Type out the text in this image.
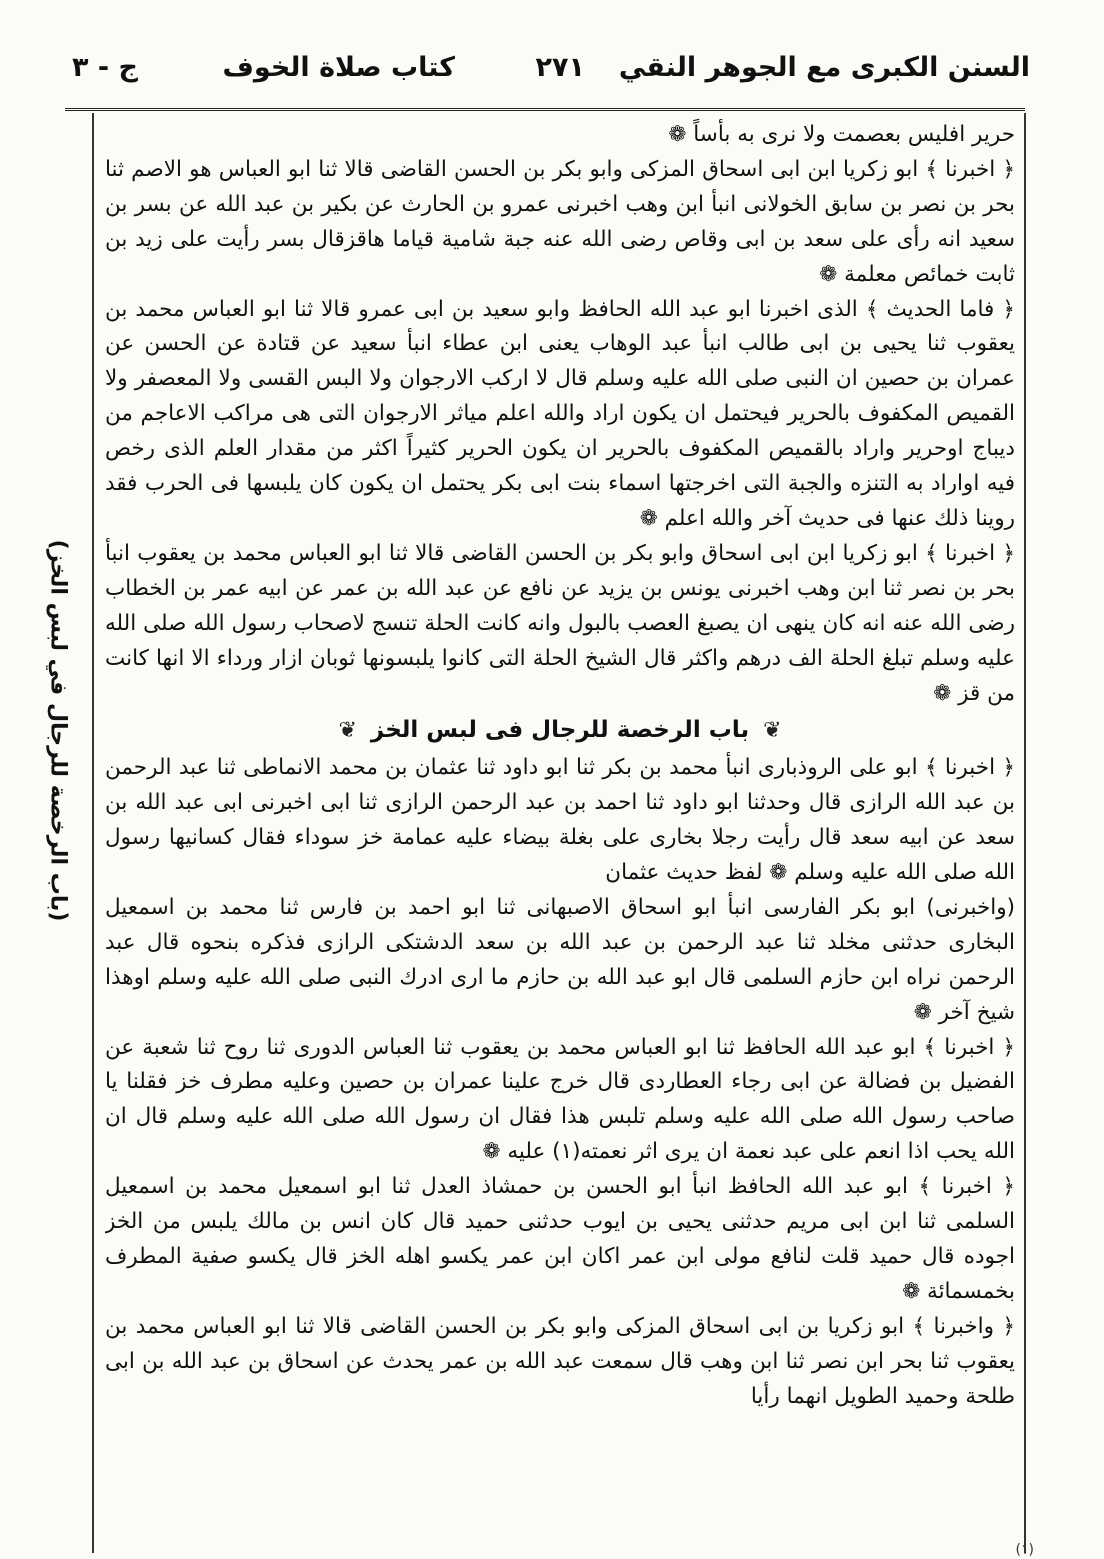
السنن الكبرى مع الجوهر النقي
٢٧١
كتاب صلاة الخوف
ج - ٣
(باب الرخصة للرجال في لبس الخز)

حرير افليس بعصمت ولا نرى به بأساً ❁

﴿ اخبرنا ﴾ ابو زكريا ابن ابى اسحاق المزكى وابو بكر بن الحسن القاضى قالا ثنا ابو العباس هو الاصم ثنا بحر بن نصر بن سابق الخولانى انبأ ابن وهب اخبرنى عمرو بن الحارث عن بكير بن عبد الله عن بسر بن سعيد انه رأى على سعد بن ابى وقاص رضى الله عنه جبة شامية قياما هاقزقال بسر رأيت على زيد بن ثابت خمائص معلمة ❁

﴿ فاما الحديث ﴾ الذى اخبرنا ابو عبد الله الحافظ وابو سعيد بن ابى عمرو قالا ثنا ابو العباس محمد بن يعقوب ثنا يحيى بن ابى طالب انبأ عبد الوهاب يعنى ابن عطاء انبأ سعيد عن قتادة عن الحسن عن عمران بن حصين ان النبى صلى الله عليه وسلم قال لا اركب الارجوان ولا البس القسى ولا المعصفر ولا القميص المكفوف بالحرير فيحتمل ان يكون اراد والله اعلم مياثر الارجوان التى هى مراكب الاعاجم من ديباج اوحرير واراد بالقميص المكفوف بالحرير ان يكون الحرير كثيراً اكثر من مقدار العلم الذى رخص فيه اواراد به التنزه والجبة التى اخرجتها اسماء بنت ابى بكر يحتمل ان يكون كان يلبسها فى الحرب فقد روينا ذلك عنها فى حديث آخر والله اعلم ❁

﴿ اخبرنا ﴾ ابو زكريا ابن ابى اسحاق وابو بكر بن الحسن القاضى قالا ثنا ابو العباس محمد بن يعقوب انبأ بحر بن نصر ثنا ابن وهب اخبرنى يونس بن يزيد عن نافع عن عبد الله بن عمر عن ابيه عمر بن الخطاب رضى الله عنه انه كان ينهى ان يصبغ العصب بالبول وانه كانت الحلة تنسج لاصحاب رسول الله صلى الله عليه وسلم تبلغ الحلة الف درهم واكثر قال الشيخ الحلة التى كانوا يلبسونها ثوبان ازار ورداء الا انها كانت من قز ❁

❦ باب الرخصة للرجال فى لبس الخز ❦

﴿ اخبرنا ﴾ ابو على الروذبارى انبأ محمد بن بكر ثنا ابو داود ثنا عثمان بن محمد الانماطى ثنا عبد الرحمن بن عبد الله الرازى قال وحدثنا ابو داود ثنا احمد بن عبد الرحمن الرازى ثنا ابى اخبرنى ابى عبد الله بن سعد عن ابيه سعد قال رأيت رجلا بخارى على بغلة بيضاء عليه عمامة خز سوداء فقال كسانيها رسول الله صلى الله عليه وسلم ❁ لفظ حديث عثمان

(واخبرنى) ابو بكر الفارسى انبأ ابو اسحاق الاصبهانى ثنا ابو احمد بن فارس ثنا محمد بن اسمعيل البخارى حدثنى مخلد ثنا عبد الرحمن بن عبد الله بن سعد الدشتكى الرازى فذكره بنحوه قال عبد الرحمن نراه ابن حازم السلمى قال ابو عبد الله بن حازم ما ارى ادرك النبى صلى الله عليه وسلم اوهذا شيخ آخر ❁

﴿ اخبرنا ﴾ ابو عبد الله الحافظ ثنا ابو العباس محمد بن يعقوب ثنا العباس الدورى ثنا روح ثنا شعبة عن الفضيل بن فضالة عن ابى رجاء العطاردى قال خرج علينا عمران بن حصين وعليه مطرف خز فقلنا يا صاحب رسول الله صلى الله عليه وسلم تلبس هذا فقال ان رسول الله صلى الله عليه وسلم قال ان الله يحب اذا انعم على عبد نعمة ان يرى اثر نعمته(١) عليه ❁

﴿ اخبرنا ﴾ ابو عبد الله الحافظ انبأ ابو الحسن بن حمشاذ العدل ثنا ابو اسمعيل محمد بن اسمعيل السلمى ثنا ابن ابى مريم حدثنى يحيى بن ايوب حدثنى حميد قال كان انس بن مالك يلبس من الخز اجوده قال حميد قلت لنافع مولى ابن عمر اكان ابن عمر يكسو اهله الخز قال يكسو صفية المطرف بخمسمائة ❁

﴿ واخبرنا ﴾ ابو زكريا بن ابى اسحاق المزكى وابو بكر بن الحسن القاضى قالا ثنا ابو العباس محمد بن يعقوب ثنا بحر ابن نصر ثنا ابن وهب قال سمعت عبد الله بن عمر يحدث عن اسحاق بن عبد الله بن ابى طلحة وحميد الطويل انهما رأيا

(١)
